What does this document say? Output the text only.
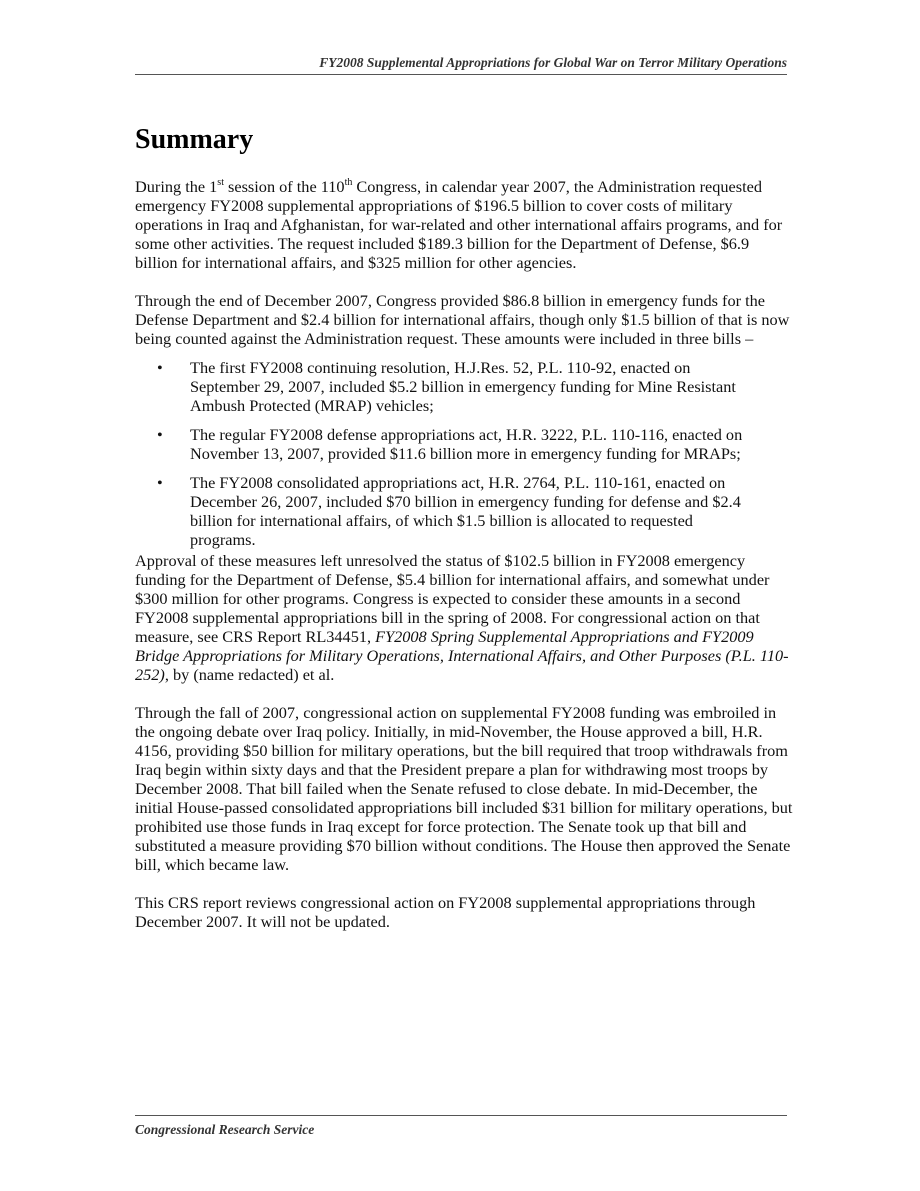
FY2008 Supplemental Appropriations for Global War on Terror Military Operations
Summary

During the 1st session of the 110th Congress, in calendar year 2007, the Administration requested emergency FY2008 supplemental appropriations of $196.5 billion to cover costs of military operations in Iraq and Afghanistan, for war-related and other international affairs programs, and for some other activities. The request included $189.3 billion for the Department of Defense, $6.9 billion for international affairs, and $325 million for other agencies.

Through the end of December 2007, Congress provided $86.8 billion in emergency funds for the Defense Department and $2.4 billion for international affairs, though only $1.5 billion of that is now being counted against the Administration request. These amounts were included in three bills –

• The first FY2008 continuing resolution, H.J.Res. 52, P.L. 110-92, enacted on September 29, 2007, included $5.2 billion in emergency funding for Mine Resistant Ambush Protected (MRAP) vehicles;
• The regular FY2008 defense appropriations act, H.R. 3222, P.L. 110-116, enacted on November 13, 2007, provided $11.6 billion more in emergency funding for MRAPs;
• The FY2008 consolidated appropriations act, H.R. 2764, P.L. 110-161, enacted on December 26, 2007, included $70 billion in emergency funding for defense and $2.4 billion for international affairs, of which $1.5 billion is allocated to requested programs.

Approval of these measures left unresolved the status of $102.5 billion in FY2008 emergency funding for the Department of Defense, $5.4 billion for international affairs, and somewhat under $300 million for other programs. Congress is expected to consider these amounts in a second FY2008 supplemental appropriations bill in the spring of 2008. For congressional action on that measure, see CRS Report RL34451, FY2008 Spring Supplemental Appropriations and FY2009 Bridge Appropriations for Military Operations, International Affairs, and Other Purposes (P.L. 110-252), by (name redacted) et al.

Through the fall of 2007, congressional action on supplemental FY2008 funding was embroiled in the ongoing debate over Iraq policy. Initially, in mid-November, the House approved a bill, H.R. 4156, providing $50 billion for military operations, but the bill required that troop withdrawals from Iraq begin within sixty days and that the President prepare a plan for withdrawing most troops by December 2008. That bill failed when the Senate refused to close debate. In mid-December, the initial House-passed consolidated appropriations bill included $31 billion for military operations, but prohibited use those funds in Iraq except for force protection. The Senate took up that bill and substituted a measure providing $70 billion without conditions. The House then approved the Senate bill, which became law.

This CRS report reviews congressional action on FY2008 supplemental appropriations through December 2007. It will not be updated.

Congressional Research Service
